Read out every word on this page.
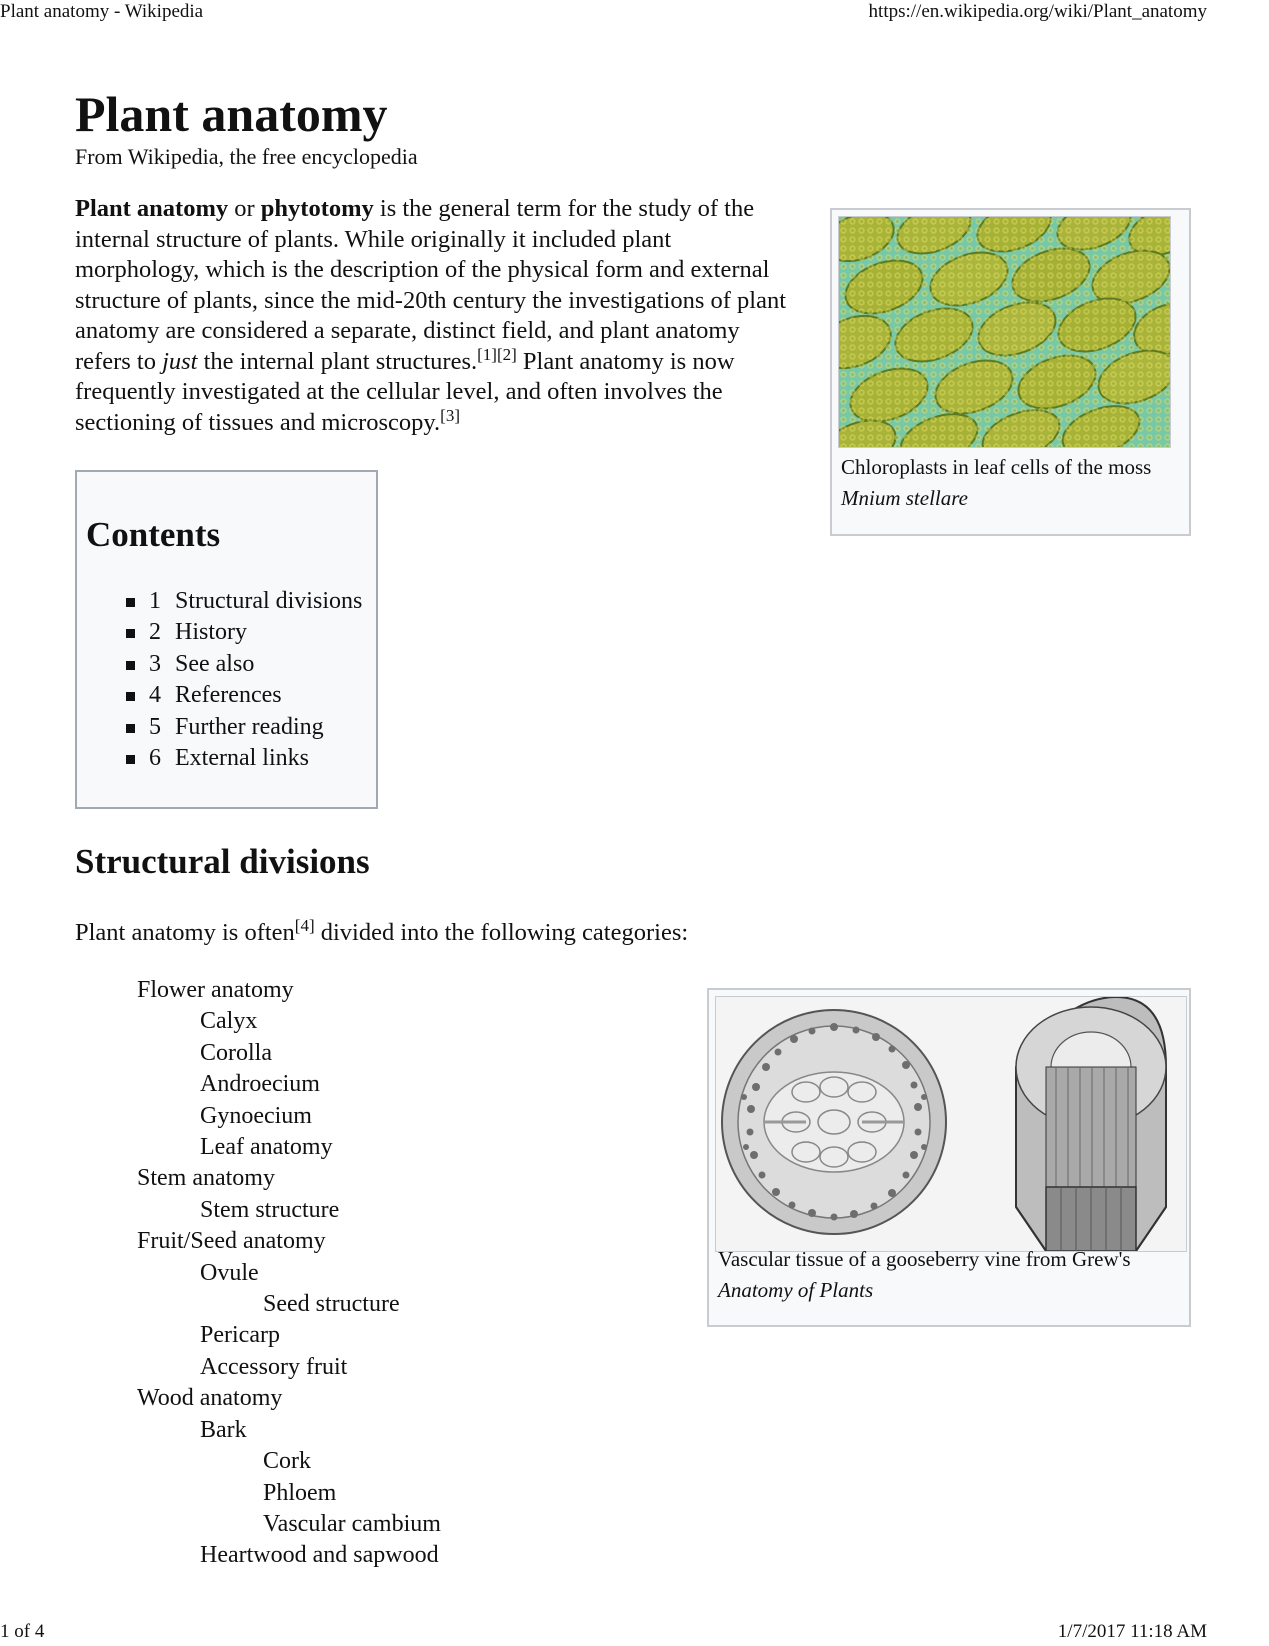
Plant anatomy - Wikipedia	https://en.wikipedia.org/wiki/Plant_anatomy
Plant anatomy
From Wikipedia, the free encyclopedia
Plant anatomy or phytotomy is the general term for the study of the internal structure of plants. While originally it included plant morphology, which is the description of the physical form and external structure of plants, since the mid-20th century the investigations of plant anatomy are considered a separate, distinct field, and plant anatomy refers to just the internal plant structures.[1][2] Plant anatomy is now frequently investigated at the cellular level, and often involves the sectioning of tissues and microscopy.[3]
Chloroplasts in leaf cells of the moss
Mnium stellare
Contents
1 Structural divisions
2 History
3 See also
4 References
5 Further reading
6 External links
Structural divisions
Plant anatomy is often[4] divided into the following categories:
Flower anatomy
Calyx
Corolla
Androecium
Gynoecium
Leaf anatomy
Stem anatomy
Stem structure
Fruit/Seed anatomy
Ovule
Seed structure
Pericarp
Accessory fruit
Wood anatomy
Bark
Cork
Phloem
Vascular cambium
Heartwood and sapwood
Vascular tissue of a gooseberry vine from Grew's
Anatomy of Plants
1 of 4	1/7/2017 11:18 AM
